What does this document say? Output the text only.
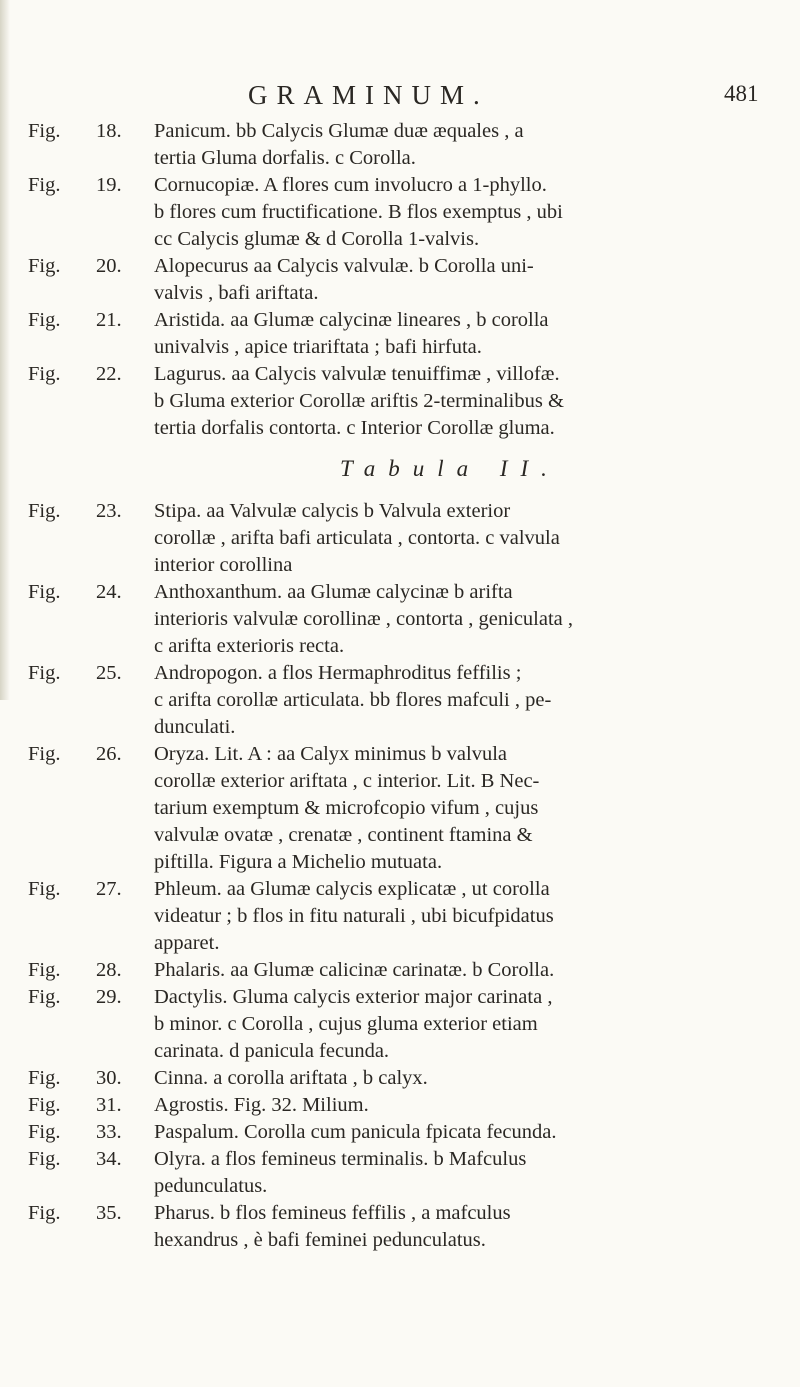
GRAMINUM.	481
Fig. 18. Panicum. bb Calycis Glumæ duæ æquales , a
tertia Gluma dorfalis. c Corolla.
Fig. 19. Cornucopiæ. A flores cum involucro a 1-phyllo.
b flores cum fructificatione. B flos exemptus , ubi
cc Calycis glumæ & d Corolla 1-valvis.
Fig. 20. Alopecurus aa Calycis valvulæ. b Corolla uni-
valvis , bafi ariftata.
Fig. 21. Aristida. aa Glumæ calycinæ lineares , b corolla
univalvis , apice triariftata ; bafi hirfuta.
Fig. 22. Lagurus. aa Calycis valvulæ tenuiffimæ , villofæ.
b Gluma exterior Corollæ ariftis 2-terminalibus &
tertia dorfalis contorta. c Interior Corollæ gluma.
Tabula II.
Fig. 23. Stipa. aa Valvulæ calycis b Valvula exterior
corollæ , arifta bafi articulata , contorta. c valvula
interior corollina
Fig. 24. Anthoxanthum. aa Glumæ calycinæ b arifta
interioris valvulæ corollinæ , contorta , geniculata ,
c arifta exterioris recta.
Fig. 25. Andropogon. a flos Hermaphroditus feffilis ;
c arifta corollæ articulata. bb flores mafculi , pe-
dunculati.
Fig. 26. Oryza. Lit. A : aa Calyx minimus b valvula
corollæ exterior ariftata , c interior. Lit. B Nec-
tarium exemptum & microfcopio vifum , cujus
valvulæ ovatæ , crenatæ , continent ftamina &
piftilla. Figura a Michelio mutuata.
Fig. 27. Phleum. aa Glumæ calycis explicatæ , ut corolla
videatur ; b flos in fitu naturali , ubi bicufpidatus
apparet.
Fig. 28. Phalaris. aa Glumæ calicinæ carinatæ. b Corolla.
Fig. 29. Dactylis. Gluma calycis exterior major carinata ,
b minor. c Corolla , cujus gluma exterior etiam
carinata. d panicula fecunda.
Fig. 30. Cinna. a corolla ariftata , b calyx.
Fig. 31. Agrostis. Fig. 32. Milium.
Fig. 33. Paspalum. Corolla cum panicula fpicata fecunda.
Fig. 34. Olyra. a flos femineus terminalis. b Mafculus
pedunculatus.
Fig. 35. Pharus. b flos femineus feffilis , a mafculus
hexandrus , è bafi feminei pedunculatus.
